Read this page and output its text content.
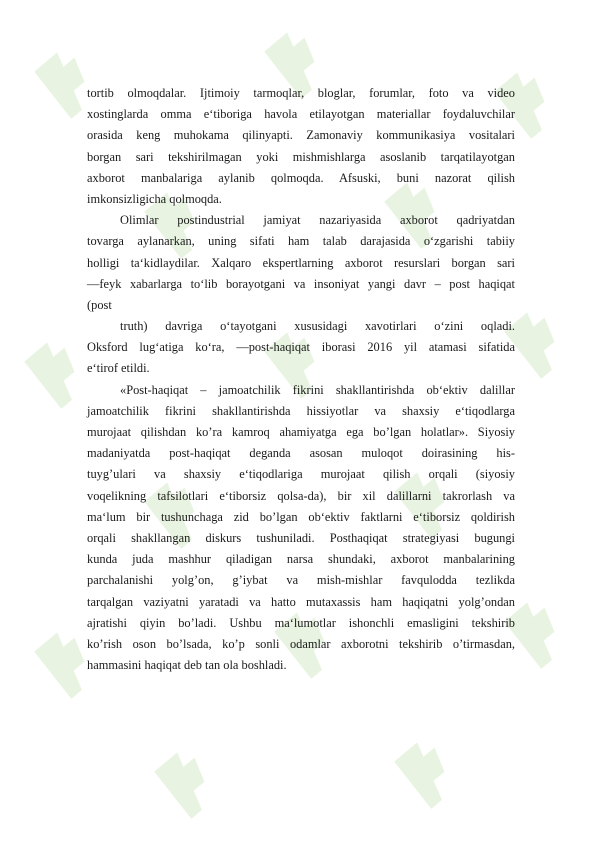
tortib olmoqdalar. Ijtimoiy tarmoqlar, bloglar, forumlar, foto va video
xostinglarda omma e‘tiboriga havola etilayotgan materiallar foydaluvchilar
orasida keng muhokama qilinyapti. Zamonaviy kommunikasiya vositalari
borgan sari tekshirilmagan yoki mishmishlarga asoslanib tarqatilayotgan
axborot manbalariga aylanib qolmoqda. Afsuski, buni nazorat qilish
imkonsizligicha qolmoqda.
Olimlar postindustrial jamiyat nazariyasida axborot qadriyatdan
tovarga aylanarkan, uning sifati ham talab darajasida o‘zgarishi tabiiy
holligi ta‘kidlaydilar. Xalqaro ekspertlarning axborot resurslari borgan sari
—feyk xabarlarga to‘lib borayotgani va insoniyat yangi davr – post haqiqat
(post
truth) davriga o‘tayotgani xususidagi xavotirlari o‘zini oqladi.
Oksford lug‘atiga ko‘ra, —post-haqiqat iborasi 2016 yil atamasi sifatida
e‘tirof etildi.
«Post-haqiqat – jamoatchilik fikrini shakllantirishda ob‘ektiv dalillar
jamoatchilik fikrini shakllantirishda hissiyotlar va shaxsiy e‘tiqodlarga
murojaat qilishdan ko’ra kamroq ahamiyatga ega bo’lgan holatlar». Siyosiy
madaniyatda post-haqiqat deganda asosan muloqot doirasining his-
tuyg’ulari va shaxsiy e‘tiqodlariga murojaat qilish orqali (siyosiy
voqelikning tafsilotlari e‘tiborsiz qolsa-da), bir xil dalillarni takrorlash va
ma‘lum bir tushunchaga zid bo’lgan ob‘ektiv faktlarni e‘tiborsiz qoldirish
orqali shakllangan diskurs tushuniladi. Posthaqiqat strategiyasi bugungi
kunda juda mashhur qiladigan narsa shundaki, axborot manbalarining
parchalanishi yolg’on, g’iybat va mish-mishlar favqulodda tezlikda
tarqalgan vaziyatni yaratadi va hatto mutaxassis ham haqiqatni yolg’ondan
ajratishi qiyin bo’ladi. Ushbu ma‘lumotlar ishonchli emasligini tekshirib
ko’rish oson bo’lsada, ko’p sonli odamlar axborotni tekshirib o’tirmasdan,
hammasini haqiqat deb tan ola boshladi.
